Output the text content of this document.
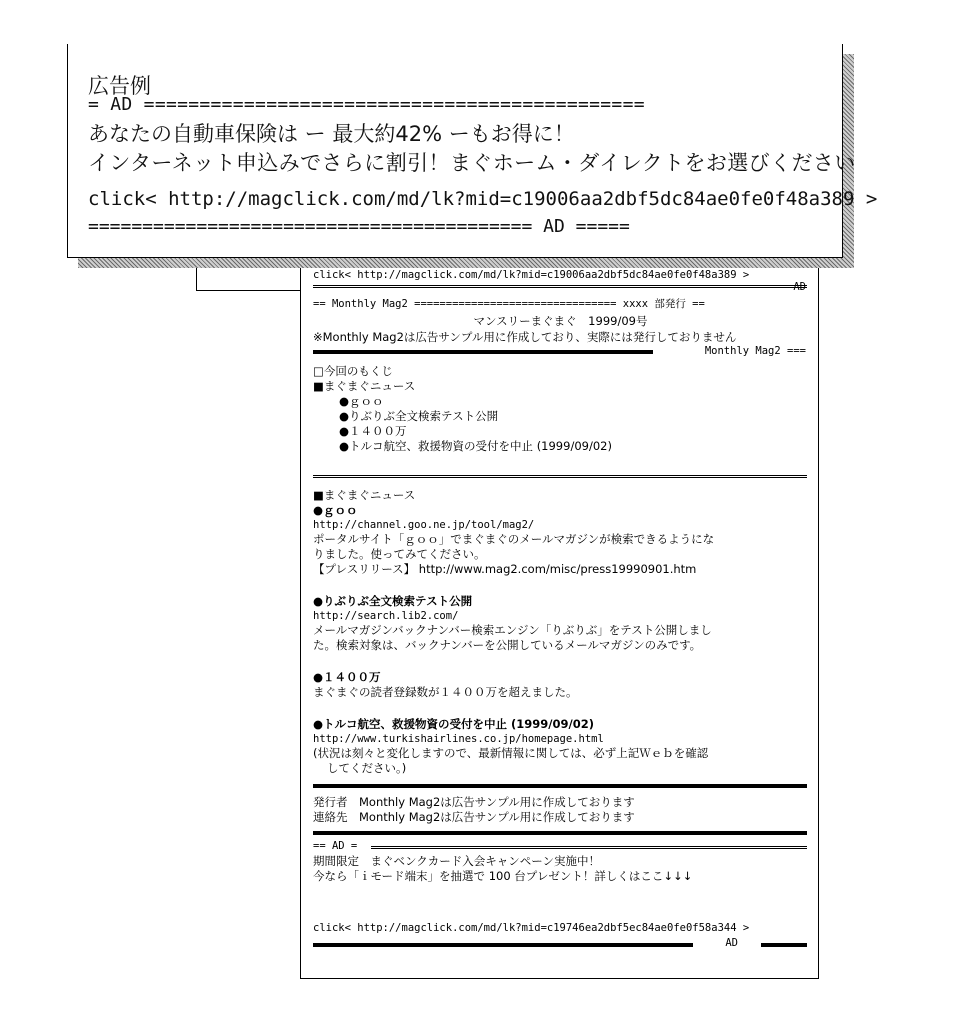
click< http://magclick.com/md/lk?mid=c19006aa2dbf5dc84ae0fe0f48a389 >
AD
== Monthly Mag2 ================================ xxxx 部発行 ==
マンスリーまぐまぐ　1999/09号
※Monthly Mag2は広告サンプル用に作成しており、実際には発行しておりません
Monthly Mag2 ===
□今回のもくじ
■まぐまぐニュース
●ｇｏｏ
●りぶりぶ全文検索テスト公開
●１４００万
●トルコ航空、救援物資の受付を中止 (1999/09/02)
■まぐまぐニュース
●ｇｏｏ
http://channel.goo.ne.jp/tool/mag2/
ポータルサイト「ｇｏｏ」でまぐまぐのメールマガジンが検索できるようにな
りました。使ってみてください。
【プレスリリース】 http://www.mag2.com/misc/press19990901.htm
●りぶりぶ全文検索テスト公開
http://search.lib2.com/
メールマガジンバックナンバー検索エンジン「りぶりぶ」をテスト公開しまし
た。検索対象は、バックナンバーを公開しているメールマガジンのみです。
●１４００万
まぐまぐの読者登録数が１４００万を超えました。
●トルコ航空、救援物資の受付を中止 (1999/09/02)
http://www.turkishairlines.co.jp/homepage.html
(状況は刻々と変化しますので、最新情報に関しては、必ず上記Ｗｅｂを確認
してください。)
発行者　Monthly Mag2は広告サンプル用に作成しております
連絡先　Monthly Mag2は広告サンプル用に作成しております
== AD =
期間限定　まぐベンクカード入会キャンペーン実施中！
今なら「ｉモード端末」を抽選で 100 台プレゼント！詳しくはここ↓↓↓
click< http://magclick.com/md/lk?mid=c19746ea2dbf5ec84ae0fe0f58a344 >
AD
広告例
= AD =============================================
あなたの自動車保険は ー 最大約42% ーもお得に！
インターネット申込みでさらに割引！まぐホーム・ダイレクトをお選びください
click< http://magclick.com/md/lk?mid=c19006aa2dbf5dc84ae0fe0f48a389 >
========================================= AD =====
